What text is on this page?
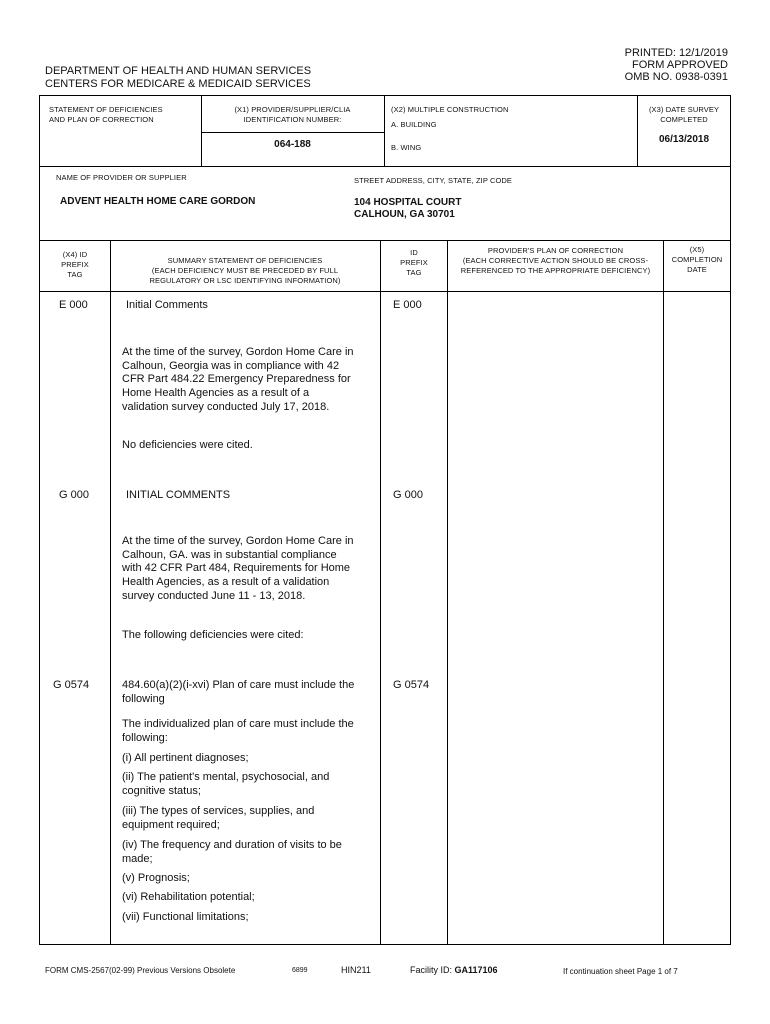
PRINTED: 12/1/2019
FORM APPROVED
OMB NO. 0938-0391
DEPARTMENT OF HEALTH AND HUMAN SERVICES
CENTERS FOR MEDICARE & MEDICAID SERVICES
STATEMENT OF DEFICIENCIES
AND PLAN OF CORRECTION
(X1) PROVIDER/SUPPLIER/CLIA
IDENTIFICATION NUMBER:
064-188
(X2) MULTIPLE CONSTRUCTION
A. BUILDING
B. WING
(X3) DATE SURVEY
COMPLETED
06/13/2018
NAME OF PROVIDER OR SUPPLIER
ADVENT HEALTH HOME CARE GORDON
STREET ADDRESS, CITY, STATE, ZIP CODE
104 HOSPITAL COURT
CALHOUN, GA 30701
(X4) ID
PREFIX
TAG
SUMMARY STATEMENT OF DEFICIENCIES
(EACH DEFICIENCY MUST BE PRECEDED BY FULL
REGULATORY OR LSC IDENTIFYING INFORMATION)
ID
PREFIX
TAG
PROVIDER'S PLAN OF CORRECTION
(EACH CORRECTIVE ACTION SHOULD BE CROSS-
REFERENCED TO THE APPROPRIATE DEFICIENCY)
(X5)
COMPLETION
DATE
E 000	Initial Comments	E 000
At the time of the survey, Gordon Home Care in
Calhoun, Georgia was in compliance with 42
CFR Part 484.22 Emergency Preparedness for
Home Health Agencies as a result of a
validation survey conducted July 17, 2018.
No deficiencies were cited.
G 000	INITIAL COMMENTS	G 000
At the time of the survey, Gordon Home Care in
Calhoun, GA. was in substantial compliance
with 42 CFR Part 484, Requirements for Home
Health Agencies, as a result of a validation
survey conducted June 11 - 13, 2018.
The following deficiencies were cited:
G 0574	G 0574
484.60(a)(2)(i-xvi) Plan of care must include the
following
The individualized plan of care must include the
following:
(i) All pertinent diagnoses;
(ii) The patient's mental, psychosocial, and
cognitive status;
(iii) The types of services, supplies, and
equipment required;
(iv) The frequency and duration of visits to be
made;
(v) Prognosis;
(vi) Rehabilitation potential;
(vii) Functional limitations;
FORM CMS-2567(02-99) Previous Versions Obsolete	6899	HIN211	Facility ID: GA117106	If continuation sheet Page 1 of 7
